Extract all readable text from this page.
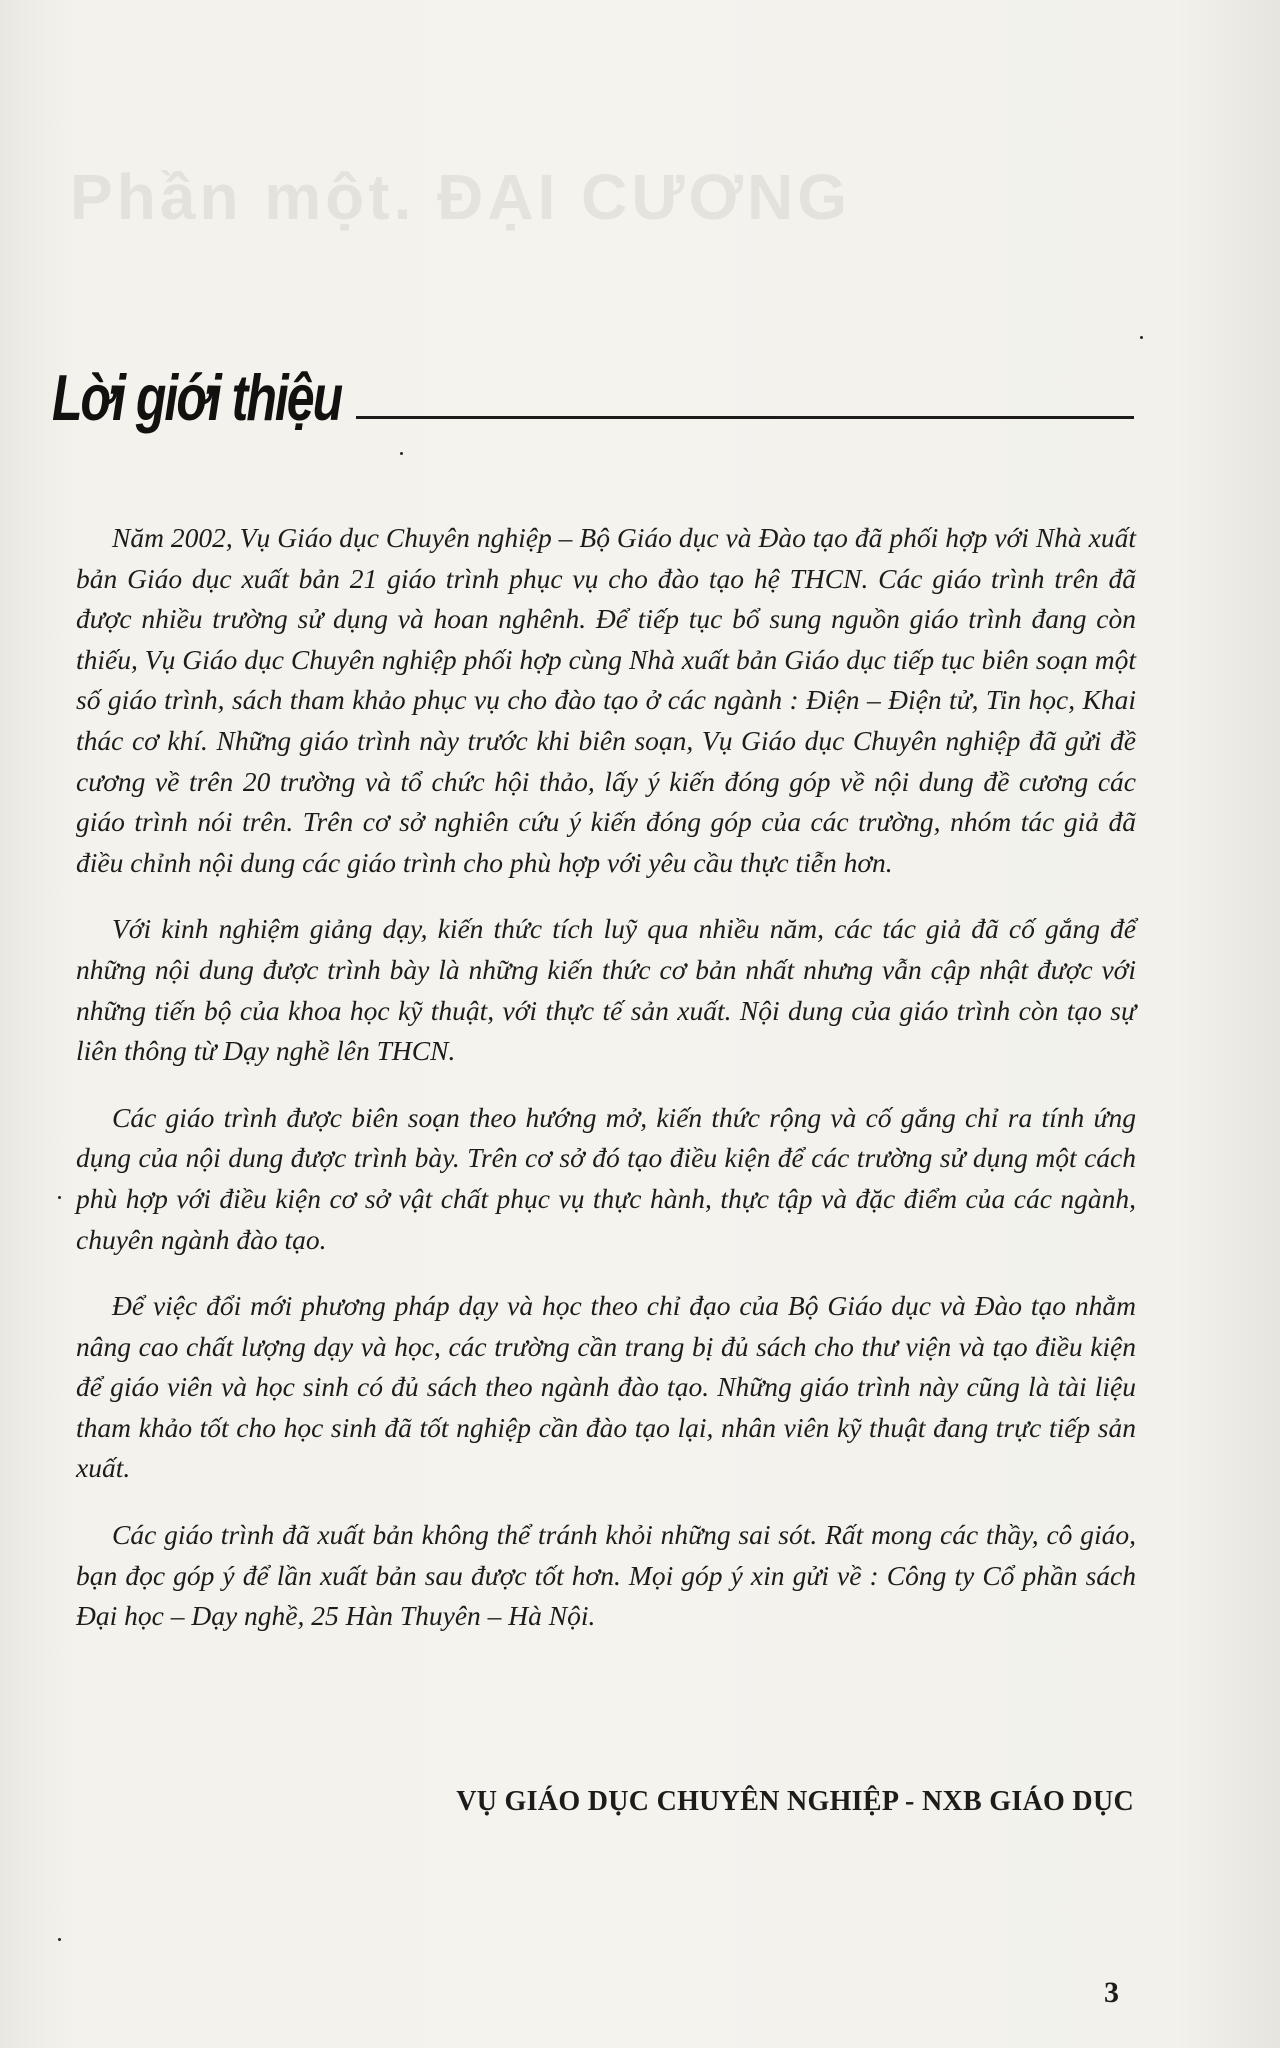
Phần một. ĐẠI CƯƠNG
Lời giới thiệu

Năm 2002, Vụ Giáo dục Chuyên nghiệp – Bộ Giáo dục và Đào tạo đã phối hợp với Nhà xuất bản Giáo dục xuất bản 21 giáo trình phục vụ cho đào tạo hệ THCN. Các giáo trình trên đã được nhiều trường sử dụng và hoan nghênh. Để tiếp tục bổ sung nguồn giáo trình đang còn thiếu, Vụ Giáo dục Chuyên nghiệp phối hợp cùng Nhà xuất bản Giáo dục tiếp tục biên soạn một số giáo trình, sách tham khảo phục vụ cho đào tạo ở các ngành : Điện – Điện tử, Tin học, Khai thác cơ khí. Những giáo trình này trước khi biên soạn, Vụ Giáo dục Chuyên nghiệp đã gửi đề cương về trên 20 trường và tổ chức hội thảo, lấy ý kiến đóng góp về nội dung đề cương các giáo trình nói trên. Trên cơ sở nghiên cứu ý kiến đóng góp của các trường, nhóm tác giả đã điều chỉnh nội dung các giáo trình cho phù hợp với yêu cầu thực tiễn hơn.

Với kinh nghiệm giảng dạy, kiến thức tích luỹ qua nhiều năm, các tác giả đã cố gắng để những nội dung được trình bày là những kiến thức cơ bản nhất nhưng vẫn cập nhật được với những tiến bộ của khoa học kỹ thuật, với thực tế sản xuất. Nội dung của giáo trình còn tạo sự liên thông từ Dạy nghề lên THCN.

Các giáo trình được biên soạn theo hướng mở, kiến thức rộng và cố gắng chỉ ra tính ứng dụng của nội dung được trình bày. Trên cơ sở đó tạo điều kiện để các trường sử dụng một cách phù hợp với điều kiện cơ sở vật chất phục vụ thực hành, thực tập và đặc điểm của các ngành, chuyên ngành đào tạo.

Để việc đổi mới phương pháp dạy và học theo chỉ đạo của Bộ Giáo dục và Đào tạo nhằm nâng cao chất lượng dạy và học, các trường cần trang bị đủ sách cho thư viện và tạo điều kiện để giáo viên và học sinh có đủ sách theo ngành đào tạo. Những giáo trình này cũng là tài liệu tham khảo tốt cho học sinh đã tốt nghiệp cần đào tạo lại, nhân viên kỹ thuật đang trực tiếp sản xuất.

Các giáo trình đã xuất bản không thể tránh khỏi những sai sót. Rất mong các thầy, cô giáo, bạn đọc góp ý để lần xuất bản sau được tốt hơn. Mọi góp ý xin gửi về : Công ty Cổ phần sách Đại học – Dạy nghề, 25 Hàn Thuyên – Hà Nội.

VỤ GIÁO DỤC CHUYÊN NGHIỆP - NXB GIÁO DỤC
3
